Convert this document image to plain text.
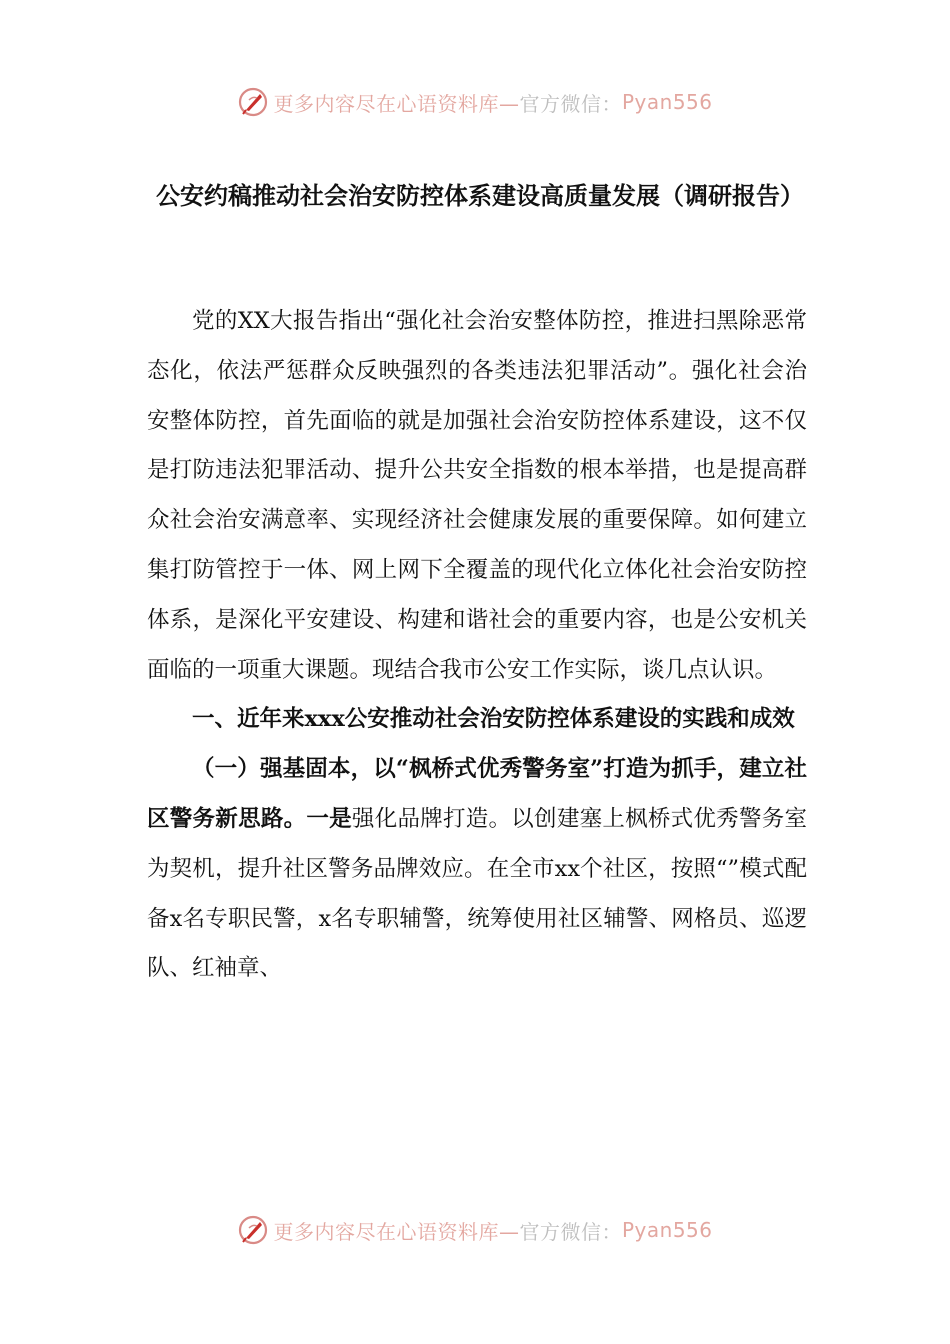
更多内容尽在心语资料库— 官方微信： Pyan556
公安约稿推动社会治安防控体系建设高质量发展（调研报告）

党的XX大报告指出“强化社会治安整体防控，推进扫黑除恶常态化，依法严惩群众反映强烈的各类违法犯罪活动”。强化社会治安整体防控，首先面临的就是加强社会治安防控体系建设，这不仅是打防违法犯罪活动、提升公共安全指数的根本举措，也是提高群众社会治安满意率、实现经济社会健康发展的重要保障。如何建立集打防管控于一体、网上网下全覆盖的现代化立体化社会治安防控体系，是深化平安建设、构建和谐社会的重要内容，也是公安机关面临的一项重大课题。现结合我市公安工作实际，谈几点认识。

一、近年来xxx公安推动社会治安防控体系建设的实践和成效

（一）强基固本，以“枫桥式优秀警务室”打造为抓手，建立社区警务新思路。一是强化品牌打造。以创建塞上枫桥式优秀警务室为契机，提升社区警务品牌效应。在全市xx个社区，按照“”模式配备x名专职民警，x名专职辅警，统筹使用社区辅警、网格员、巡逻队、红袖章、

更多内容尽在心语资料库— 官方微信： Pyan556
